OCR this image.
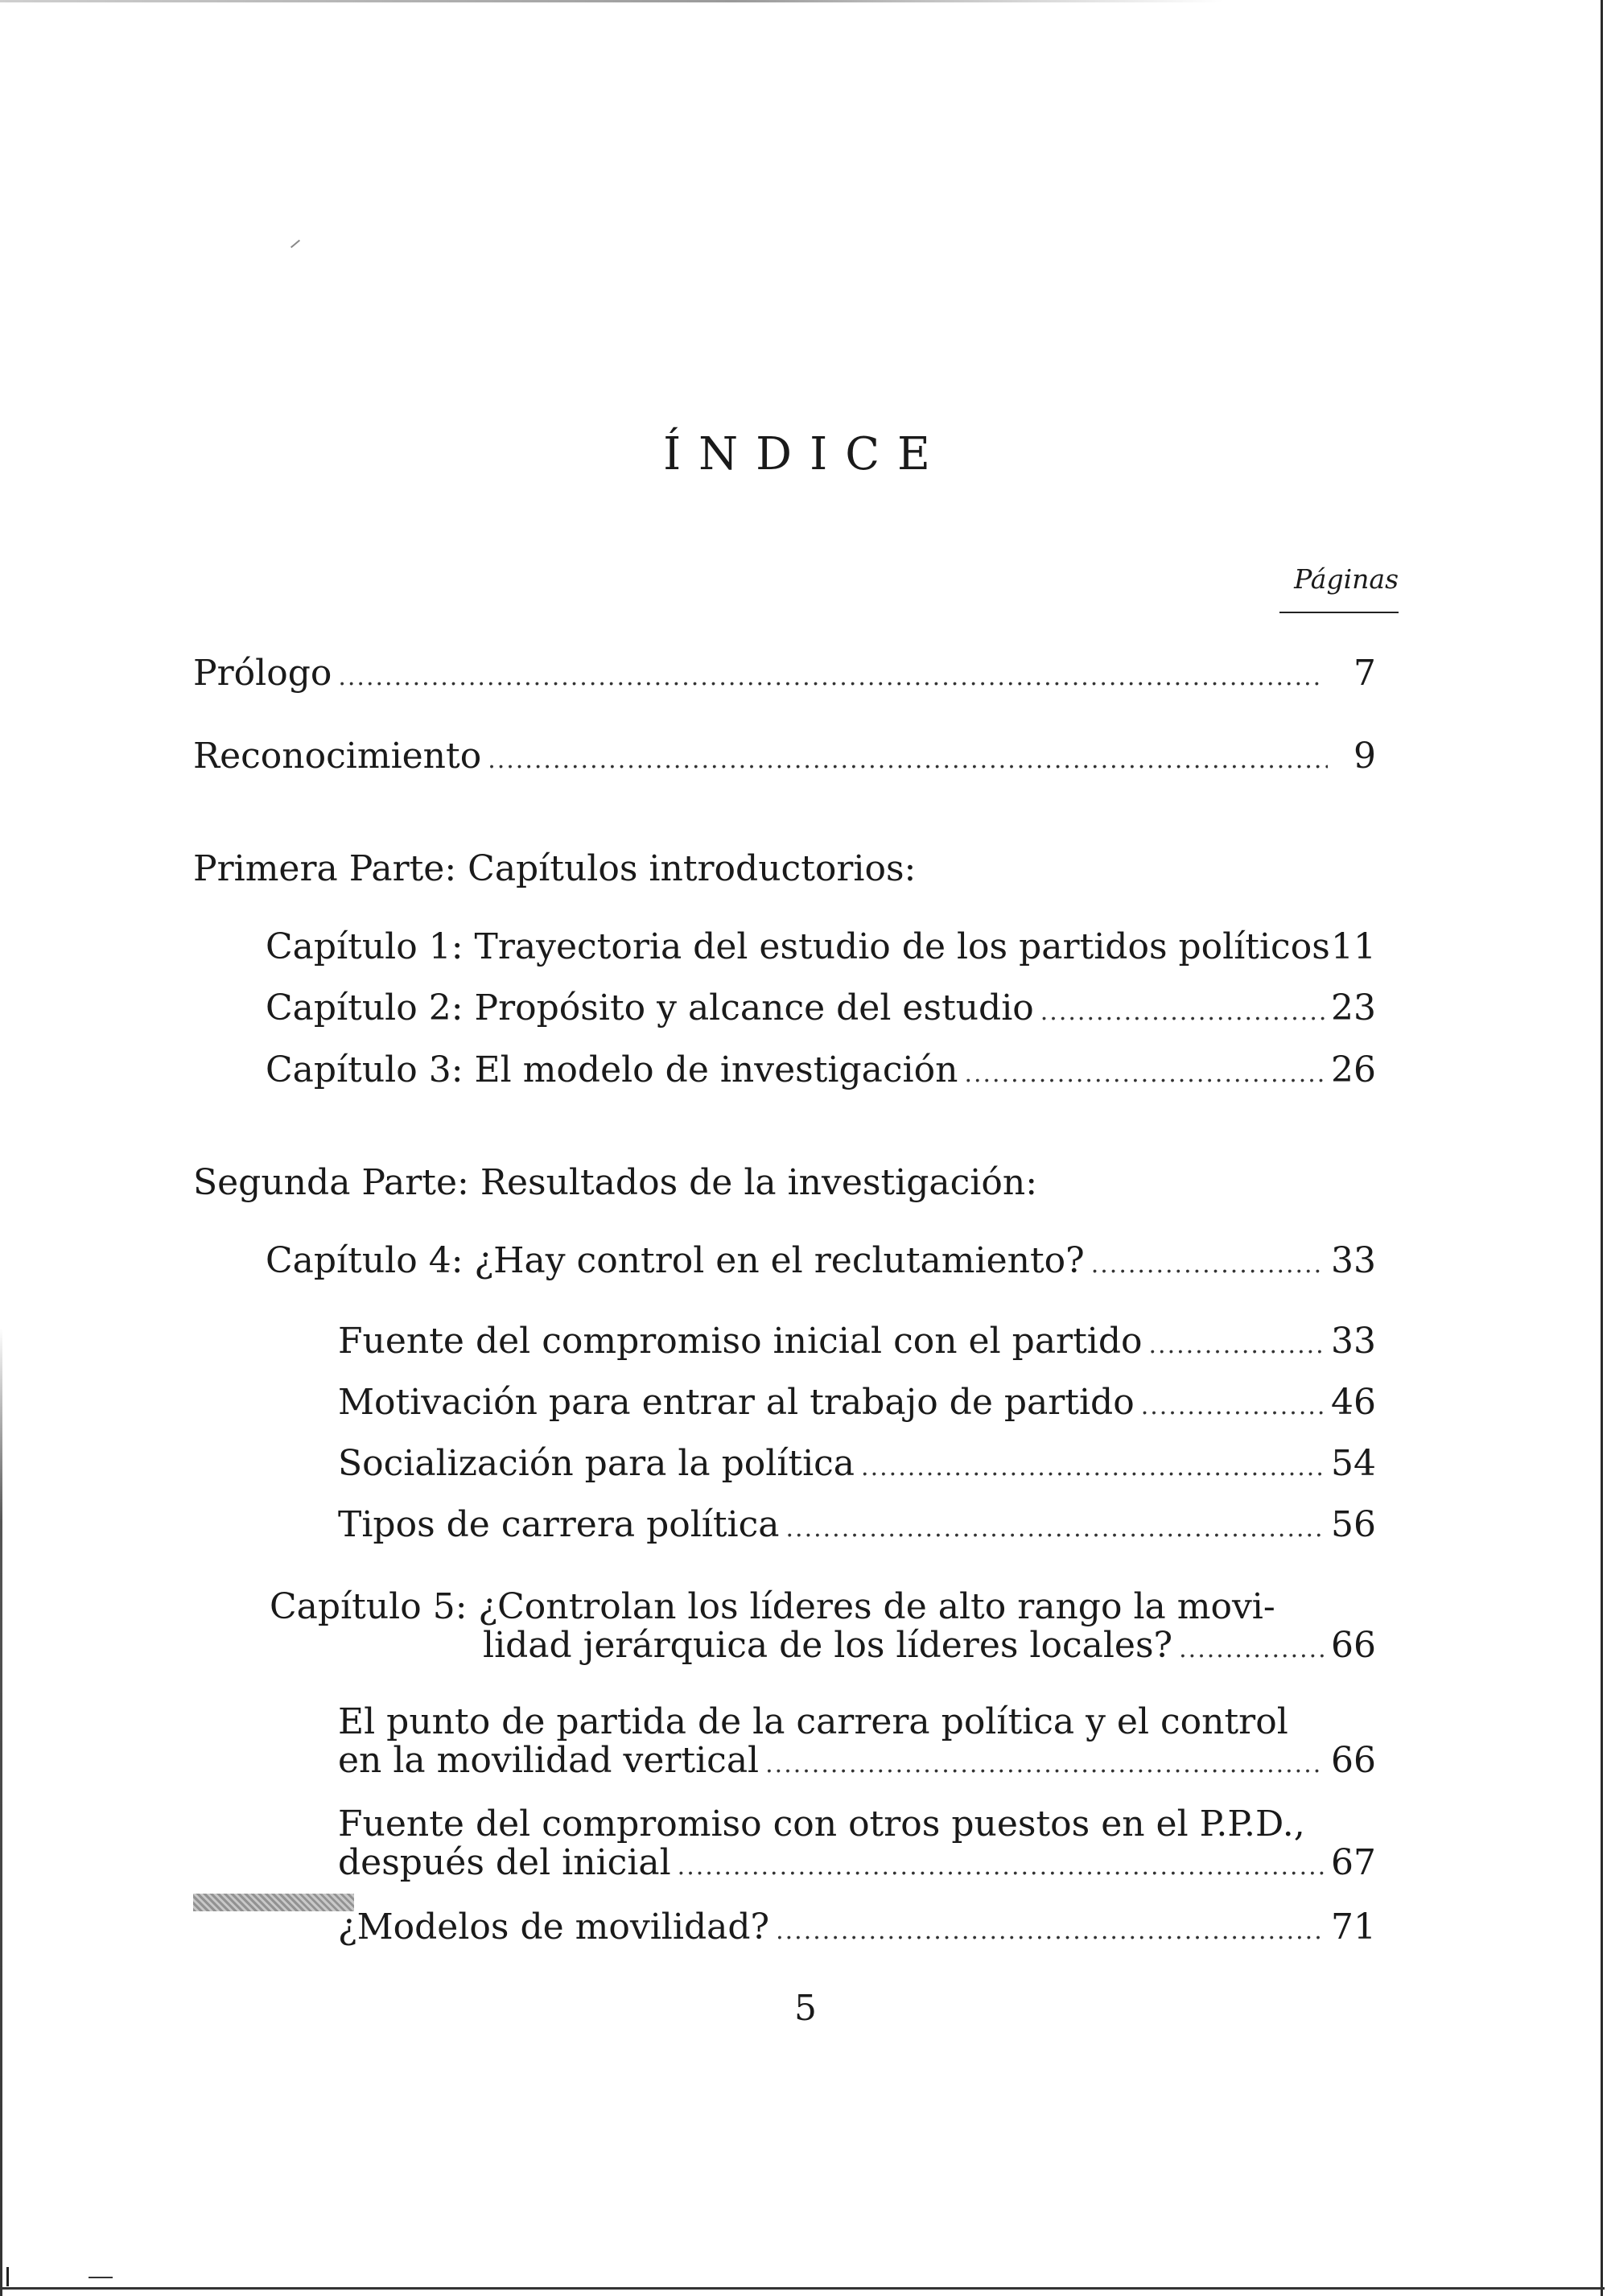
ÍNDICE
Páginas
Prólogo .....	7
Reconocimiento .....	9
Primera Parte: Capítulos introductorios:
Capítulo 1: Trayectoria del estudio de los partidos políticos 11
Capítulo 2: Propósito y alcance del estudio .....	23
Capítulo 3: El modelo de investigación .....	26
Segunda Parte: Resultados de la investigación:
Capítulo 4: ¿Hay control en el reclutamiento? .....	33
Fuente del compromiso inicial con el partido .....	33
Motivación para entrar al trabajo de partido .....	46
Socialización para la política .....	54
Tipos de carrera política .....	56
Capítulo 5: ¿Controlan los líderes de alto rango la movi-
lidad jerárquica de los líderes locales? .....	66
El punto de partida de la carrera política y el control
en la movilidad vertical .....	66
Fuente del compromiso con otros puestos en el P.P.D.,
después del inicial .....	67
¿Modelos de movilidad? .....	71
5
